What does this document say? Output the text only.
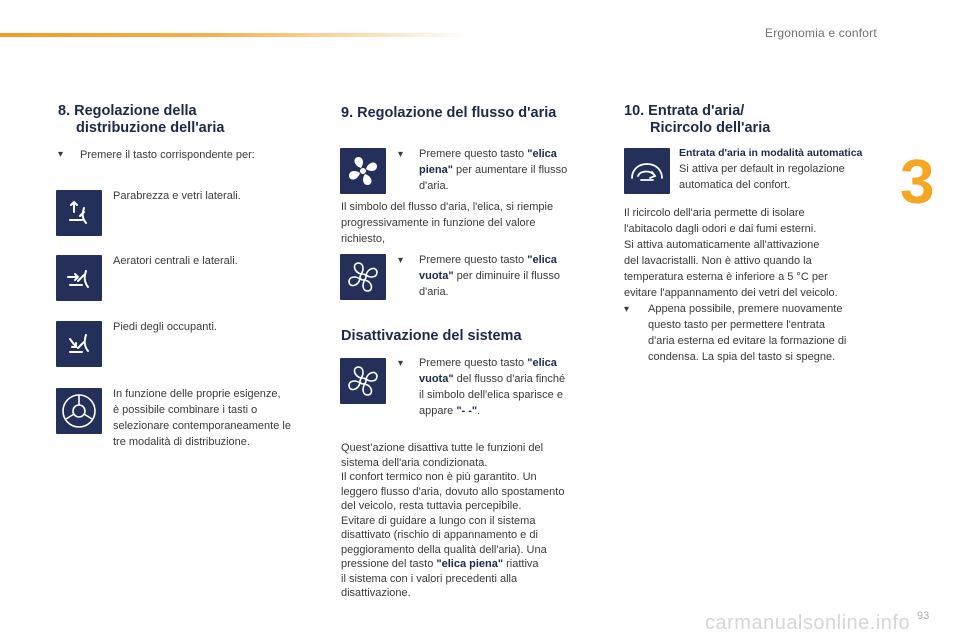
Ergonomia e confort
3
93
carmanualsonline.info
8. Regolazione della
distribuzione dell'aria
▾ Premere il tasto corrispondente per:
Parabrezza e vetri laterali.
Aeratori centrali e laterali.
Piedi degli occupanti.
In funzione delle proprie esigenze,
è possibile combinare i tasti o
selezionare contemporaneamente le
tre modalità di distribuzione.
9. Regolazione del flusso d'aria
▾ Premere questo tasto "elica
piena" per aumentare il flusso
d'aria.
Il simbolo del flusso d'aria, l'elica, si riempie
progressivamente in funzione del valore
richiesto,
▾ Premere questo tasto "elica
vuota" per diminuire il flusso
d'aria.
Disattivazione del sistema
▾ Premere questo tasto "elica
vuota" del flusso d'aria finché
il simbolo dell'elica sparisce e
appare "- -".
Quest'azione disattiva tutte le funzioni del
sistema dell'aria condizionata.
Il confort termico non è più garantito. Un
leggero flusso d'aria, dovuto allo spostamento
del veicolo, resta tuttavia percepibile.
Evitare di guidare a lungo con il sistema
disattivato (rischio di appannamento e di
peggioramento della qualità dell'aria). Una
pressione del tasto "elica piena" riattiva
il sistema con i valori precedenti alla
disattivazione.
10. Entrata d'aria/
Ricircolo dell'aria
Entrata d'aria in modalità automatica
Si attiva per default in regolazione
automatica del confort.
Il ricircolo dell'aria permette di isolare
l'abitacolo dagli odori e dai fumi esterni.
Si attiva automaticamente all'attivazione
del lavacristalli. Non è attivo quando la
temperatura esterna è inferiore a 5 °C per
evitare l'appannamento dei vetri del veicolo.
▾ Appena possibile, premere nuovamente
questo tasto per permettere l'entrata
d'aria esterna ed evitare la formazione di
condensa. La spia del tasto si spegne.
